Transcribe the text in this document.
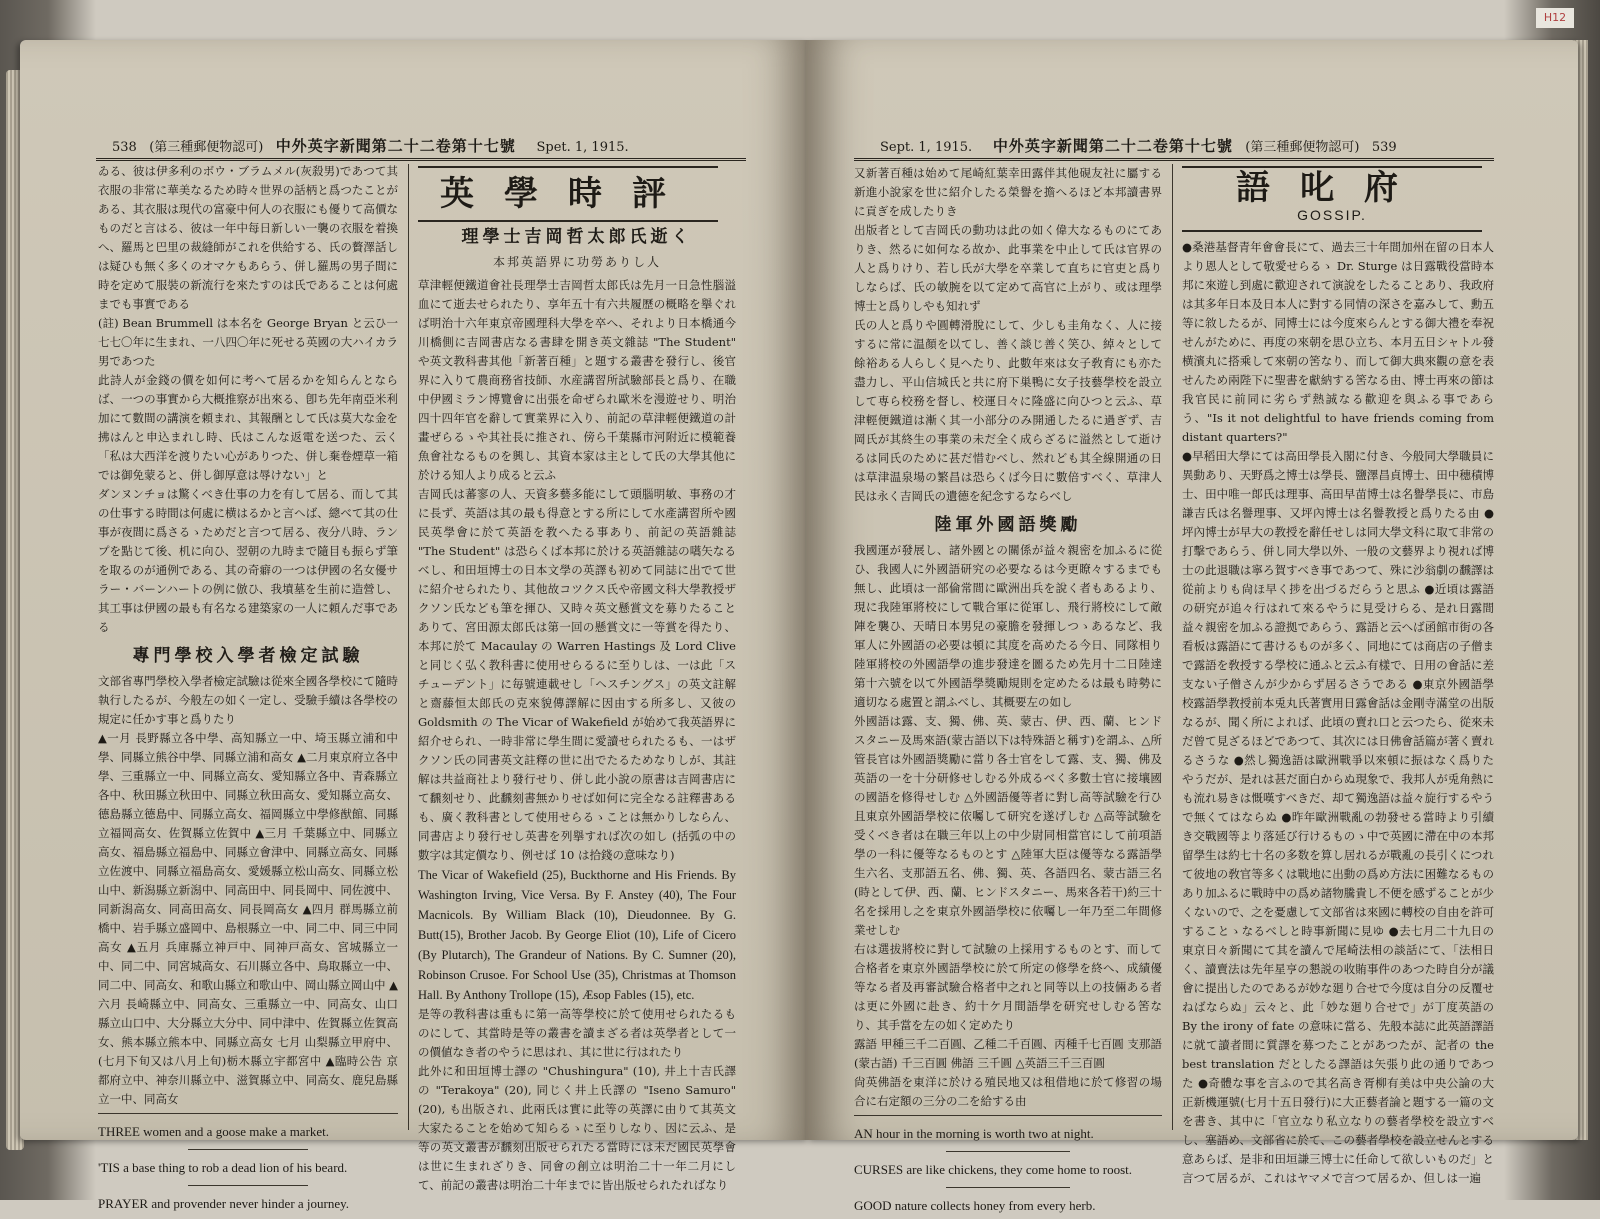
H12
538 (第三種郵便物認可) 中外英字新聞第二十二卷第十七號 Spet. 1, 1915.

ゐる、彼は伊多利のボウ・ブラムメル(灰殺男)であつて其衣服の非常に華美なるため時々世界の話柄と爲つたことがある、其衣服は現代の富豪中何人の衣服にも優りて高價なものだと言はる、彼は一年中每日新しい一襲の衣服を着換へ、羅馬と巴里の裁縫師がこれを供給する、氏の贅澤話しは疑ひも無く多くのオマケもあらう、併し羅馬の男子間に時を定めて服裝の新流行を來たすのは氏であることは何處までも事實である

(註) Bean Brummell は本名を George Bryan と云ひ一七七〇年に生まれ、一八四〇年に死せる英國の大ハイカラ男であつた

此詩人が金錢の價を如何に考へて居るかを知らんとならば、一つの事實から大概推察が出來る、卽ち先年南亞米利加にて數間の講演を頼まれ、其報酬として氏は莫大な金を拂はんと申込まれし時、氏はこんな返電を送つた、云く「私は大西洋を渡りたい心がありつた、併し棄卷煙草一箱では御免蒙ると、併し御厚意は辱けない」と

ダンヌンチョは驚くべき仕事の力を有して居る、而して其の仕事する時間は何處に横はるかと言へば、總べて其の仕事が夜間に爲さるゝためだと言つて居る、夜分八時、ランプを點じて後、机に向ひ、翌朝の九時まで隨目も振らず筆を取るのが通例である、其の奇癖の一つは伊國の名女優サラー・バーンハートの例に倣ひ、我墳墓を生前に造營し、其工事は伊國の最も有名なる建築家の一人に頼んだ事である

專門學校入學者檢定試驗

文部省專門學校入學者檢定試驗は從來全國各學校にて隨時執行したるが、今般左の如く一定し、受驗手續は各學校の規定に任かす事と爲りたり

▲一月 長野縣立各中學、高知縣立一中、埼玉縣立浦和中學、同縣立熊谷中學、同縣立浦和高女 ▲二月東京府立各中學、三重縣立一中、同縣立高女、愛知縣立各中、青森縣立各中、秋田縣立秋田中、同縣立秋田高女、愛知縣立高女、德島縣立德島中、同縣立高女、福岡縣立中學修猷館、同縣立福岡高女、佐賀縣立佐賀中 ▲三月 千葉縣立中、同縣立高女、福島縣立福島中、同縣立會津中、同縣立高女、同縣立佐渡中、同縣立福島高女、愛媛縣立松山高女、同縣立松山中、新潟縣立新潟中、同高田中、同長岡中、同佐渡中、同新潟高女、同高田高女、同長岡高女 ▲四月 群馬縣立前橋中、岩手縣立盛岡中、島根縣立一中、同二中、同三中同高女 ▲五月 兵庫縣立神戸中、同神戸高女、宮城縣立一中、同二中、同宮城高女、石川縣立各中、鳥取縣立一中、同二中、同高女、和歌山縣立和歌山中、岡山縣立岡山中 ▲六月 長崎縣立中、同高女、三重縣立一中、同高女、山口縣立山口中、大分縣立大分中、同中津中、佐賀縣立佐賀高女、熊本縣立熊本中、同縣立高女 七月 山梨縣立甲府中、(七月下旬又は八月上旬)栃木縣立宇都宮中 ▲臨時公告 京都府立中、神奈川縣立中、滋賀縣立中、同高女、鹿兒島縣立一中、同高女

THREE women and a goose make a market.
'TIS a base thing to rob a dead lion of his beard.
PRAYER and provender never hinder a journey.
英學時評
理學士吉岡哲太郎氏逝く
本邦英語界に功勞ありし人

草津輕便鐵道會社長理學士吉岡哲太郎氏は先月一日急性腦溢血にて逝去せられたり、享年五十有六共履歷の概略を擧ぐれば明治十六年東京帝國理科大學を卒へ、それより日本橋通今川橋側に吉岡書店なる書肆を開き英文雜誌 "The Student" や英文教科書其他「新著百種」と題する叢書を發行し、後官界に入りて農商務省技師、水産講習所試驗部長と爲り、在職中伊國ミラン博覽會に出張を命ぜられ歐米を漫遊せり、明治四十四年官を辭して實業界に入り、前記の草津輕便鐵道の計畫ぜらるゝや其社長に推され、傍ら千葉縣市河附近に模範養魚會社なるものを興し、其資本家は主として氏の大學其他に於ける知人より成ると云ふ

吉岡氏は蕃寥の人、天資多藝多能にして頭腦明敏、事務の才に長ず、英語は其の最も得意とする所にして水產講習所や國民英學會に於て英語を教へたる事あり、前記の英語雜誌 "The Student" は恐らくば本邦に於ける英語雜誌の嚆矢なるべし、和田垣博士の日本文學の英譯も初めて同誌に出でて世に紹介せられたり、其他故コツクス氏や帝國文科大學教授ザクソン氏なども筆を揮ひ、又時々英文懸賞文を募りたることありて、宮田源太郎氏は第一回の懸賞文に一等賞を得たり、本邦に於て Macaulay の Warren Hastings 及 Lord Clive と同じく弘く教科書に使用せらるるに至りしは、一は此「スチューデント」に毎號連載せし「ヘスチングス」の英文註解と齋藤恒太郎氏の克來貌傳譯解に因由する所多し、又彼の Goldsmith の The Vicar of Wakefield が始めて我英語界に紹介せられ、一時非常に學生間に愛讀せられたるも、一はザクソン氏の同書英文註釋の世に出でたるためなりしが、其註解は共益商社より發行せり、併し此小說の原書は吉岡書店にて飜刻せり、此飜刻書無かりせば如何に完全なる註釋書あるも、廣く教科書として使用せらるゝことは無かりしならん、同書店より發行せし英書を列擧すれば次の如し (括弧の中の數字は其定價なり、例せば 10 は拾錢の意味なり)

The Vicar of Wakefield (25), Buckthorne and His Friends. By Washington Irving, Vice Versa. By F. Anstey (40), The Four Macnicols. By William Black (10), Dieudonnee. By G. Butt(15), Brother Jacob. By George Eliot (10), Life of Cicero (By Plutarch), The Grandeur of Nations. By C. Sumner (20), Robinson Crusoe. For School Use (35), Christmas at Thomson Hall. By Anthony Trollope (15), Æsop Fables (15), etc.

是等の教科書は重もに第一高等學校に於て使用せられたるものにして、其當時是等の叢書を讀まざる者は英學者として一の價値なき者のやうに思はれ、其に世に行はれたり

此外に和田垣博士譯の "Chushingura" (10), 井上十吉氏譯の "Terakoya" (20), 同じく井上氏譯の "Iseno Samuro" (20), も出版され、此兩氏は實に此等の英譯に由りて其英文大家たることを始めて知らるゝに至りしなり、因に云ふ、是等の英文叢書が飜刻出版せられたる當時には未だ國民英學會は世に生まれざりき、同會の創立は明治二十一年二月にして、前記の叢書は明治二十年までに皆出版せられたればなり

Sept. 1, 1915. 中外英字新聞第二十二卷第十七號 (第三種郵便物認可) 539

又新著百種は始めて尾崎紅葉幸田露伴其他硯友社に屬する新進小說家を世に紹介したる榮譽を擔へるほど本邦讀書界に貢ぎを成したりき

出版者として吉岡氏の動功は此の如く偉大なるものにてありき、然るに如何なる故か、此事業を中止して氏は官界の人と爲りけり、若し氏が大學を卒業して直ちに官吏と爲りしならば、氏の敏腕を以て定めて高官に上がり、或は理學博士と爲りしやも知れず

氏の人と爲りや圓轉滑脫にして、少しも圭角なく、人に接するに常に温顏を以てし、善く談じ善く笑ひ、綽々として餘裕ある人らしく見へたり、此數年來は女子敎育にも亦た盡力し、平山信城氏と共に府下巣鴨に女子技藝學校を設立して専ら校務を督し、校運日々に隆盛に向ひつと云ふ、草津輕便鐵道は漸く其一小部分のみ開通したるに過ぎず、吉岡氏が其終生の事業の未だ全く成らざるに溢然として逝けるは同氏のために甚だ惜むべし、然れども其全線開通の日は草津温泉場の繁昌は恐らくば今日に數倍すべく、草津人民は永く吉岡氏の遺德を紀念するならべし

陸軍外國語獎勵

我國運が發展し、諸外國との關係が益々親密を加ふるに從ひ、我國人に外國語研究の必要なるは今更瞭々するまでも無し、此頃は一部倫常間に歐洲出兵を說く者もあるより、現に我陸軍將校にして戰合軍に從軍し、飛行將校にして敵陣を襲ひ、天晴日本男兒の豪膽を發揮しつゝあるなど、我軍人に外國語の必要は頓に其度を高めたる今日、同隊相り陸軍將校の外國語學の進步發達を圖るため先月十二日陸達第十六號を以て外國語學獎勵規則を定めたるは最も時勢に適切なる處置と謂ふべし、其概要左の如し

外國語は露、支、獨、佛、英、蒙古、伊、西、蘭、ヒンドスタニー及馬來語(蒙古語以下は特殊語と稱す)を謂ふ、△所管長官は外國語獎勵に當り各士官をして露、支、獨、佛及英語の一を十分研修せしむる外成るべく多數士官に接壤國の國語を修得せしむ △外國語優等者に對し高等試驗を行ひ且東京外國語學校に依囑して研究を遂げしむ △高等試驗を受くべき者は在職三年以上の中少尉同相當官にして前項語學の一科に優等なるものとす △陸軍大臣は優等なる露語學生六名、支那語五名、佛、獨、英、各語四名、蒙古語三名(時として伊、西、蘭、ヒンドスタニー、馬來各若干)約三十名を採用し之を東京外國語學校に依囑し一年乃至二年間修業せしむ

右は選拔將校に對して試驗の上採用するものとす、而して合格者を東京外國語學校に於て所定の修學を終へ、成績優等なる者及再審試驗合格者中之れと同等以上の技倆ある者は更に外國に赴き、約十ケ月間語學を研究せしむる筈なり、其手當を左の如く定めたり

露語 甲種三千二百圓、乙種二千百圓、丙種千七百圓 支那語(蒙古語) 千三百圓 佛語 三千圓 △英語三千三百圓

尙英佛語を東洋に於ける殖民地又は租借地に於て修習の場合に右定額の三分の二を給する由

AN hour in the morning is worth two at night.
CURSES are like chickens, they come home to roost.
GOOD nature collects honey from every herb.
語叱府
GOSSIP.

●桑港基督青年會會長にて、過去三十年間加州在留の日本人より恩人として敬愛せらるゝ Dr. Sturge は日露戰役當時本邦に來遊し到處に歡迎されて演說をしたることあり、我政府は其多年日本及日本人に對する同情の深さを嘉みして、勳五等に敘したるが、同博士には今度來らんとする御大禮を奉祝せんがために、再度の來朝を思ひ立ち、本月五日シャトル發横濱丸に搭乘して來朝の筈なり、而して御大典來觀の意を表せんため兩陛下に聖書を獻納する筈なる由、博士再來の節は我官民に前同に劣らず熱誠なる歡迎を與ふる事であらう、"Is it not delightful to have friends coming from distant quarters?"

●早稻田大學にては高田學長入閣に付き、今般同大學職員に異動あり、天野爲之博士は學長、鹽澤昌貞博士、田中穗積博士、田中唯一郞氏は理事、高田早苗博士は名譽學長に、市島謙吉氏は名譽理事、又坪內博士は名譽教授と爲りたる由 ●坪內博士が早大の教授を辭任せしは同大學文科に取て非常の打擊であらう、併し同大學以外、一般の文藝界より視れば博士の此退職は寧ろ賀すべき事であつて、殊に沙翁劇の飜譯は從前よりも尙ほ早く捗を出づるだらうと思ふ ●近頃は露語の研究が追々行はれて來るやうに見受けらる、是れ日露間益々親密を加ふる證拠であらう、露語と云へば函館市街の各看板は露語にて書けるものが多く、同地にては商店の子僧まで露語を敎授する學校に通ふと云ふ有樣で、日用の會話に差支ない子僧さんが少からず居るさうである ●東京外國語學校露語學教授前本兎丸氏著實用日露會話は金剛寺滿堂の出版なるが、聞く所によれば、此頃の賣れ口と云つたら、從來未だ曾て見ざるほどであつて、其次には日佛會話篇が著く賣れるさうな ●然し獨逸語は歐洲戰爭以來頓に振はなく爲りたやうだが、是れは甚だ面白からぬ現象で、我邦人が兎角熱にも流れ易きは慨嘆すべきだ、却て獨逸語は益々旋行するやうで無くてはならぬ ●昨年歐洲戰亂の勃發せる當時より引續き交戰國等より落延び行けるものゝ中で英國に滯在中の本邦留學生は約七十名の多数を算し居れるが戰亂の長引くにつれて彼地の敎官等多くは戰地に出動の爲め方法に困難なるものあり加ふるに戰時中の爲め諸物騰貴し不便を感ずることが少くないので、之を憂慮して文部省は來國に轉校の自由を許可することゝなるべしと時事新聞に見ゆ ●去七月二十九日の東京日々新聞にて其を讀んで尾崎法相の談話にて、「法相日く、讀賣法は先年星亨の懇説の收賄事件のあつた時自分が議會に提出したのであるが妙な廻り合せで今度は自分の反覆せねばならぬ」云々と、此「妙な廻り合せで」が丁度英語の By the irony of fate の意味に當る、先般本誌に此英語譯語に就て讀者間に質譯を募つたことがあつたが、記者の the best translation だとしたる譯語は矢張り此の通りであつた ●奇體な事を言ふので其名高き胥柳有美は中央公論の大正新機運號(七月十五日發行)に大正藝者論と題する一篇の文を書き、其中に「官立なり私立なりの藝者學校を設立すべし、塞語め、文部省に於て、この藝者學校を設立せんとする意あらば、是非和田垣謙三博士に任命して欲しいものだ」と言つて居るが、これはヤマメで言つて居るか、但しは一遍
